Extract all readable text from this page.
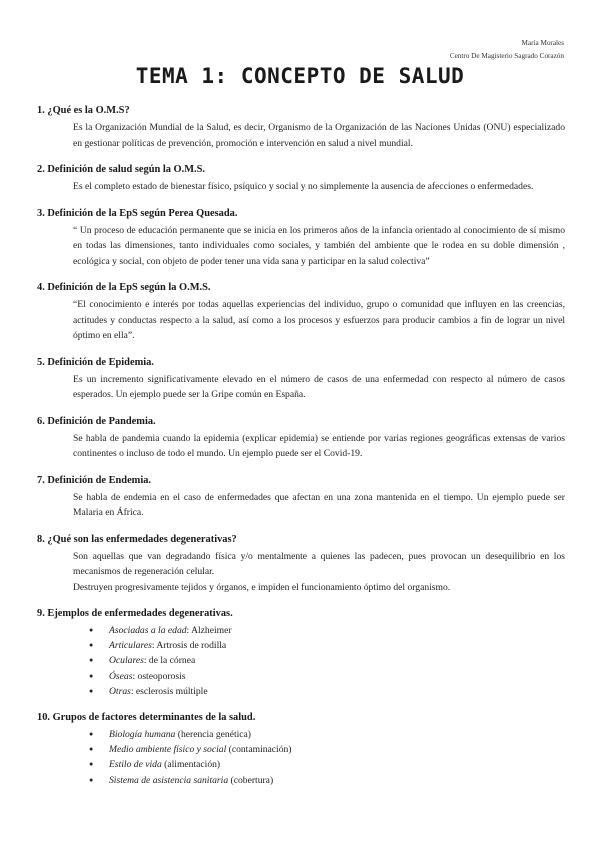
María Morales
Centro De Magisterio Sagrado Corazón
TEMA 1: CONCEPTO DE SALUD
1. ¿Qué es la O.M.S?
Es la Organización Mundial de la Salud, es decir, Organismo de la Organización de las Naciones Unidas (ONU) especializado en gestionar políticas de prevención, promoción e intervención en salud a nivel mundial.
2. Definición de salud según la O.M.S.
Es el completo estado de bienestar físico, psíquico y social y no simplemente la ausencia de afecciones o enfermedades.
3. Definición de la EpS según Perea Quesada.
“ Un proceso de educación permanente que se inicia en los primeros años de la infancia orientado al conocimiento de sí mismo en todas las dimensiones, tanto individuales como sociales, y también del ambiente que le rodea en su doble dimensión , ecológica y social, con objeto de poder tener una vida sana y participar en la salud colectiva”
4. Definición de la EpS según la O.M.S.
“El conocimiento e interés por todas aquellas experiencias del individuo, grupo o comunidad que influyen en las creencias, actitudes y conductas respecto a la salud, así como a los procesos y esfuerzos para producir cambios a fin de lograr un nivel óptimo en ella”.
5. Definición de Epidemia.
Es un incremento significativamente elevado en el número de casos de una enfermedad con respecto al número de casos esperados. Un ejemplo puede ser la Gripe común en España.
6. Definición de Pandemia.
Se habla de pandemia cuando la epidemia (explicar epidemia) se entiende por varias regiones geográficas extensas de varios continentes o incluso de todo el mundo. Un ejemplo puede ser el Covid-19.
7. Definición de Endemia.
Se habla de endemia en el caso de enfermedades que afectan en una zona mantenida en el tiempo. Un ejemplo puede ser Malaria en África.
8. ¿Qué son las enfermedades degenerativas?

Son aquellas que van degradando física y/o mentalmente a quienes las padecen, pues provocan un desequilibrio en los mecanismos de regeneración celular.

Destruyen progresivamente tejidos y órganos, e impiden el funcionamiento óptimo del organismo.

9. Ejemplos de enfermedades degenerativas.
● Asociadas a la edad: Alzheimer
● Articulares: Artrosis de rodilla
● Oculares: de la córnea
● Óseas: osteoporosis
● Otras: esclerosis múltiple
10. Grupos de factores determinantes de la salud.
● Biología humana (herencia genética)
● Medio ambiente físico y social (contaminación)
● Estilo de vida (alimentación)
● Sistema de asistencia sanitaria (cobertura)
